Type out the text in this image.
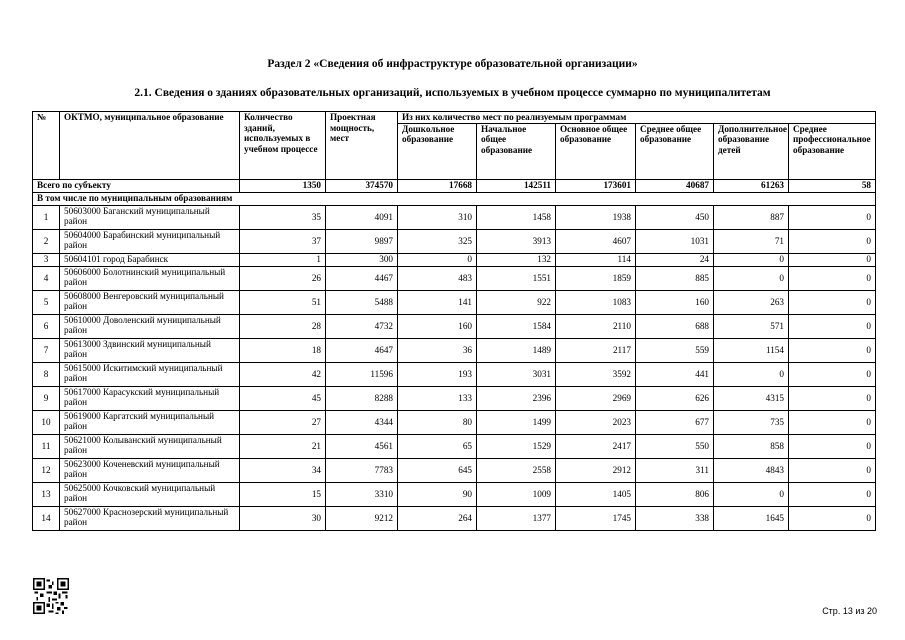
Раздел 2 «Сведения об инфраструктуре образовательной организации»
2.1. Сведения о зданиях образовательных организаций, используемых в учебном процессе суммарно по муниципалитетам
№	ОКТМО, муниципальное образование	Количество зданий, используемых в учебном процессе	Проектная мощность, мест	Из них количество мест по реализуемым программам					
				Дошкольное образование	Начальное общее образование	Основное общее образование	Среднее общее образование	Дополнительное образование детей	Среднее профессиональное образование
Всего по субъекту		1350	374570	17668	142511	173601	40687	61263	58
В том числе по муниципальным образованиям									
1	50603000 Баганский муниципальный район	35	4091	310	1458	1938	450	887	0
2	50604000 Барабинский муниципальный район	37	9897	325	3913	4607	1031	71	0
3	50604101 город Барабинск	1	300	0	132	114	24	0	0
4	50606000 Болотнинский муниципальный район	26	4467	483	1551	1859	885	0	0
5	50608000 Венгеровский муниципальный район	51	5488	141	922	1083	160	263	0
6	50610000 Доволенский муниципальный район	28	4732	160	1584	2110	688	571	0
7	50613000 Здвинский муниципальный район	18	4647	36	1489	2117	559	1154	0
8	50615000 Искитимский муниципальный район	42	11596	193	3031	3592	441	0	0
9	50617000 Карасукский муниципальный район	45	8288	133	2396	2969	626	4315	0
10	50619000 Каргатский муниципальный район	27	4344	80	1499	2023	677	735	0
11	50621000 Колыванский муниципальный район	21	4561	65	1529	2417	550	858	0
12	50623000 Коченевский муниципальный район	34	7783	645	2558	2912	311	4843	0
13	50625000 Кочковский муниципальный район	15	3310	90	1009	1405	806	0	0
14	50627000 Краснозерский муниципальный район	30	9212	264	1377	1745	338	1645	0
Стр. 13 из 20
